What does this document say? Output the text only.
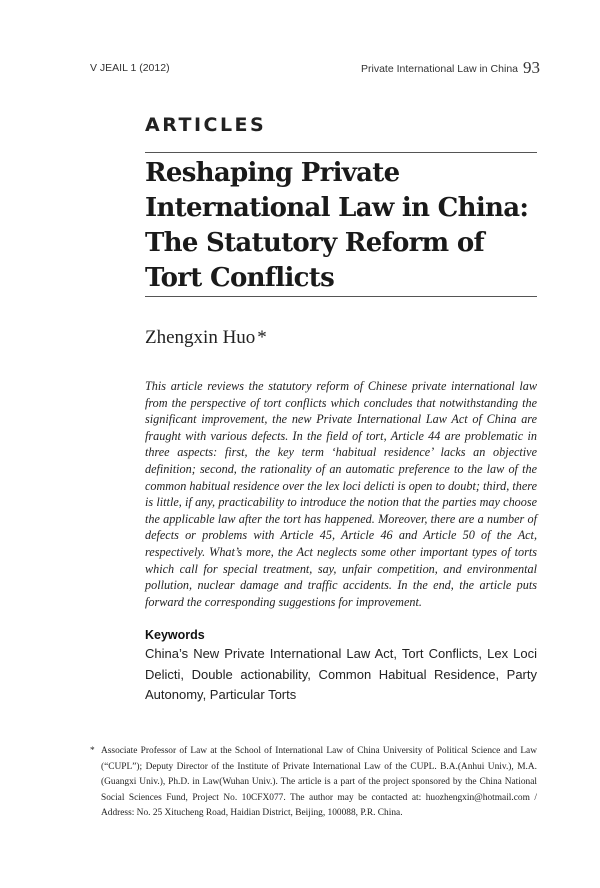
V JEAIL 1 (2012)	Private International Law in China 93
ARTICLES
Reshaping Private
International Law in China:
The Statutory Reform of
Tort Conflicts
Zhengxin Huo *

This article reviews the statutory reform of Chinese private international law from the perspective of tort conflicts which concludes that notwithstanding the significant improvement, the new Private International Law Act of China are fraught with various defects. In the field of tort, Article 44 are problematic in three aspects: first, the key term ‘habitual residence’ lacks an objective definition; second, the rationality of an automatic preference to the law of the common habitual residence over the lex loci delicti is open to doubt; third, there is little, if any, practicability to introduce the notion that the parties may choose the applicable law after the tort has happened. Moreover, there are a number of defects or problems with Article 45, Article 46 and Article 50 of the Act, respectively. What’s more, the Act neglects some other important types of torts which call for special treatment, say, unfair competition, and environmental pollution, nuclear damage and traffic accidents. In the end, the article puts forward the corresponding suggestions for improvement.

Keywords

China’s New Private International Law Act, Tort Conflicts, Lex Loci Delicti, Double actionability, Common Habitual Residence, Party Autonomy, Particular Torts

* Associate Professor of Law at the School of International Law of China University of Political Science and Law (“CUPL”); Deputy Director of the Institute of Private International Law of the CUPL. B.A.(Anhui Univ.), M.A.(Guangxi Univ.), Ph.D. in Law(Wuhan Univ.). The article is a part of the project sponsored by the China National Social Sciences Fund, Project No. 10CFX077. The author may be contacted at: huozhengxin@hotmail.com / Address: No. 25 Xitucheng Road, Haidian District, Beijing, 100088, P.R. China.
